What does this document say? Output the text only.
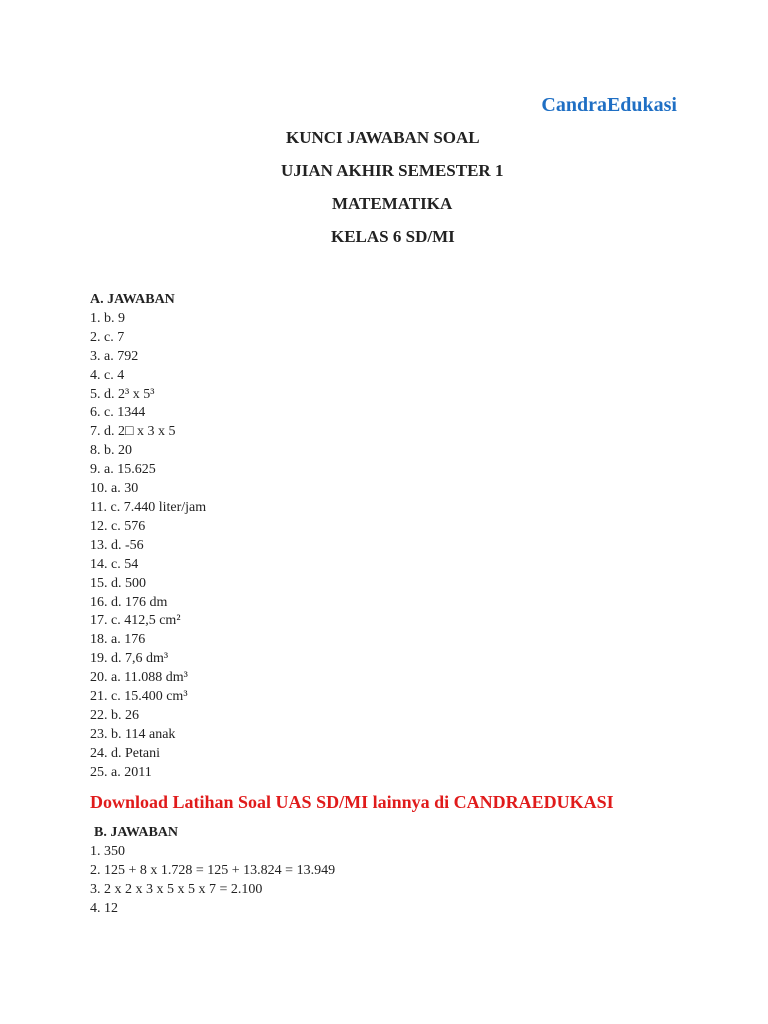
CandraEdukasi
KUNCI JAWABAN SOAL
UJIAN AKHIR SEMESTER 1
MATEMATIKA
KELAS 6 SD/MI
A. JAWABAN
1. b. 9
2. c. 7
3. a. 792
4. c. 4
5. d. 2³ x 5³
6. c. 1344
7. d. 2□ x 3 x 5
8. b. 20
9. a. 15.625
10. a. 30
11. c. 7.440 liter/jam
12. c. 576
13. d. -56
14. c. 54
15. d. 500
16. d. 176 dm
17. c. 412,5 cm²
18. a. 176
19. d. 7,6 dm³
20. a. 11.088 dm³
21. c. 15.400 cm³
22. b. 26
23. b. 114 anak
24. d. Petani
25. a. 2011
Download Latihan Soal UAS SD/MI lainnya di CANDRAEDUKASI
B. JAWABAN
1. 350
2. 125 + 8 x 1.728 = 125 + 13.824 = 13.949
3. 2 x 2 x 3 x 5 x 5 x 7 = 2.100
4. 12
